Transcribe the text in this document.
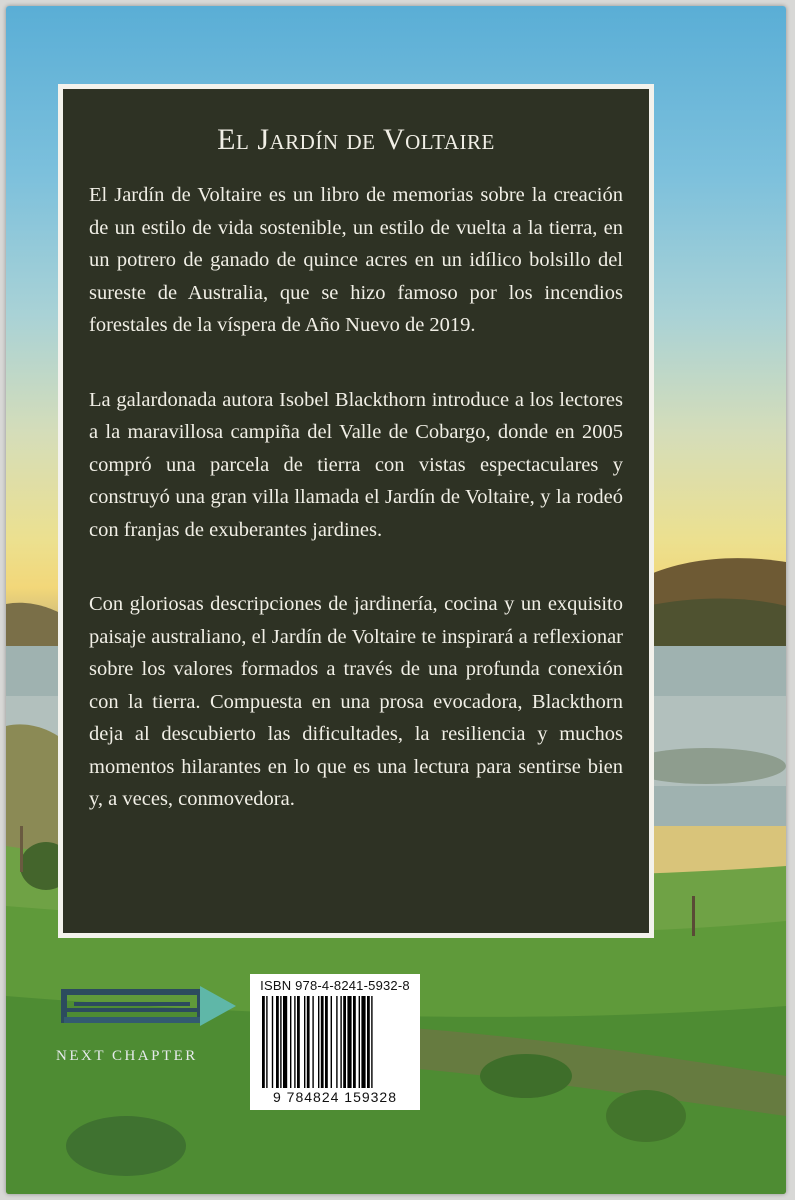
El Jardín de Voltaire

El Jardín de Voltaire es un libro de memorias sobre la creación de un estilo de vida sostenible, un estilo de vuelta a la tierra, en un potrero de ganado de quince acres en un idílico bolsillo del sureste de Australia, que se hizo famoso por los incendios forestales de la víspera de Año Nuevo de 2019.

La galardonada autora Isobel Blackthorn introduce a los lectores a la maravillosa campiña del Valle de Cobargo, donde en 2005 compró una parcela de tierra con vistas espectaculares y construyó una gran villa llamada el Jardín de Voltaire, y la rodeó con franjas de exuberantes jardines.

Con gloriosas descripciones de jardinería, cocina y un exquisito paisaje australiano, el Jardín de Voltaire te inspirará a reflexionar sobre los valores formados a través de una profunda conexión con la tierra. Compuesta en una prosa evocadora, Blackthorn deja al descubierto las dificultades, la resiliencia y muchos momentos hilarantes en lo que es una lectura para sentirse bien y, a veces, conmovedora.

NEXT CHAPTER
ISBN 978-4-8241-5932-8
9 784824 159328
